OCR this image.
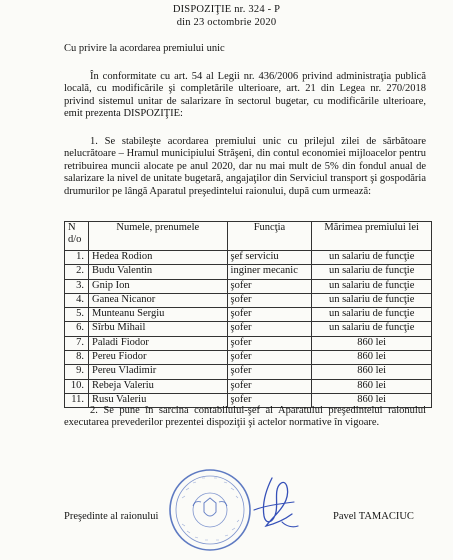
DISPOZIŢIE nr. 324 - P
din 23 octombrie 2020
Cu privire la acordarea premiului unic
În conformitate cu art. 54 al Legii nr. 436/2006 privind administraţia publică locală, cu modificările şi completările ulterioare, art. 21 din Legea nr. 270/2018 privind sistemul unitar de salarizare în sectorul bugetar, cu modificările ulterioare, emit prezenta DISPOZIŢIE:
1. Se stabileşte acordarea premiului unic cu prilejul zilei de sărbătoare nelucrătoare – Hramul municipiului Străşeni, din contul economiei mijloacelor pentru retribuirea muncii alocate pe anul 2020, dar nu mai mult de 5% din fondul anual de salarizare la nivel de unitate bugetară, angajaţilor din Serviciul transport şi gospodăria drumurilor pe lângă Aparatul preşedintelui raionului, după cum urmează:
N d/o	Numele, prenumele	Funcţia	Mărimea premiului lei
1.	Hedea Rodion	şef serviciu	un salariu de funcţie
2.	Budu Valentin	inginer mecanic	un salariu de funcţie
3.	Gnip Ion	şofer	un salariu de funcţie
4.	Ganea Nicanor	şofer	un salariu de funcţie
5.	Munteanu Sergiu	şofer	un salariu de funcţie
6.	Sîrbu Mihail	şofer	un salariu de funcţie
7.	Paladi Fiodor	şofer	860 lei
8.	Pereu Fiodor	şofer	860 lei
9.	Pereu Vladimir	şofer	860 lei
10.	Rebeja Valeriu	şofer	860 lei
11.	Rusu Valeriu	şofer	860 lei
2. Se pune în sarcina contabilului-şef al Aparatului preşedintelui raionului executarea prevederilor prezentei dispoziţii şi actelor normative în vigoare.
Preşedinte al raionului	Pavel TAMACIUC
